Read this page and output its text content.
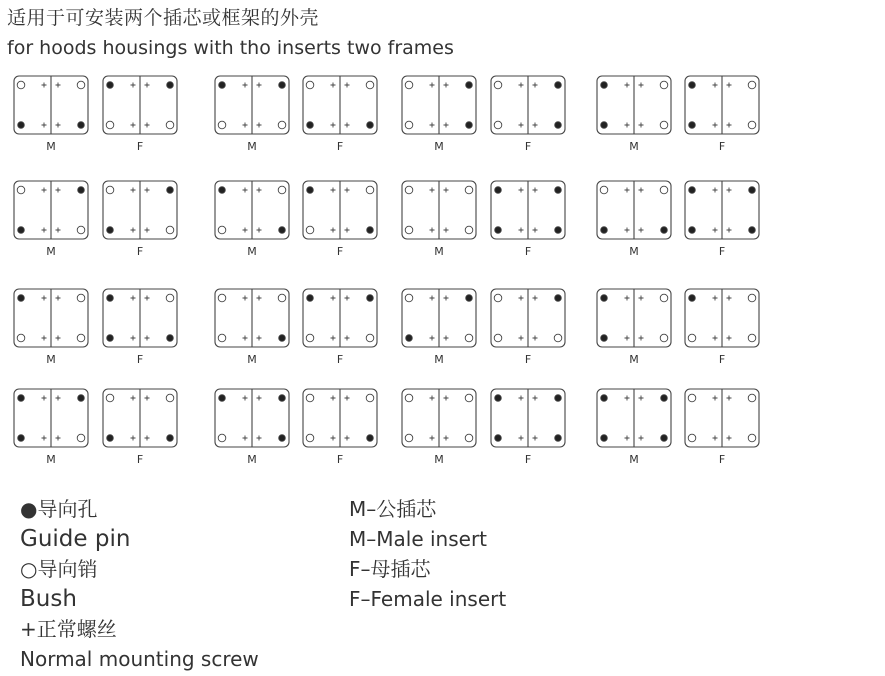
适用于可安装两个插芯或框架的外壳
for hoods housings with tho inserts two frames
M	F	M	F	M	F	M	F
M	F	M	F	M	F	M	F
M	F	M	F	M	F	M	F
M	F	M	F	M	F	M	F
●导向孔
Guide pin
○导向销
Bush
+正常螺丝
Normal mounting screw
M–公插芯
M–Male insert
F–母插芯
F–Female insert
